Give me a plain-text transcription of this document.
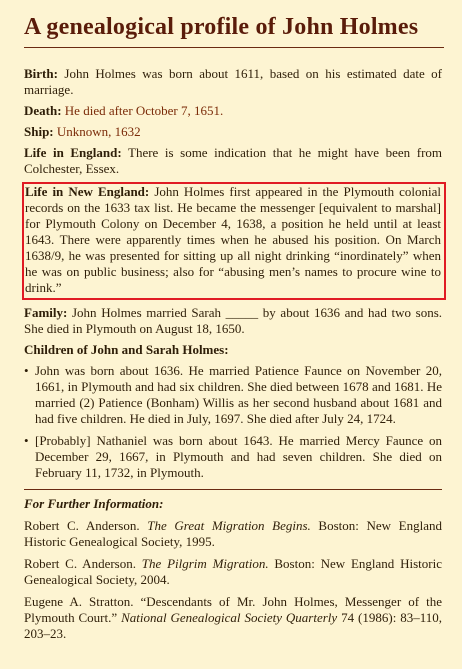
A genealogical profile of John Holmes

Birth: John Holmes was born about 1611, based on his estimated date of marriage.

Death: He died after October 7, 1651.

Ship: Unknown, 1632

Life in England: There is some indication that he might have been from Colchester, Essex.

Life in New England: John Holmes first appeared in the Plymouth colonial records on the 1633 tax list. He became the messenger [equivalent to marshal] for Plymouth Colony on December 4, 1638, a position he held until at least 1643. There were apparently times when he abused his position. On March 1638/9, he was presented for sitting up all night drinking “inordinately” when he was on public business; also for “abusing men’s names to procure wine to drink.”

Family: John Holmes married Sarah _____ by about 1636 and had two sons. She died in Plymouth on August 18, 1650.

Children of John and Sarah Holmes:
• John was born about 1636. He married Patience Faunce on November 20, 1661, in Plymouth and had six children. She died between 1678 and 1681. He married (2) Patience (Bonham) Willis as her second husband about 1681 and had five children. He died in July, 1697. She died after July 24, 1724.
• [Probably] Nathaniel was born about 1643. He married Mercy Faunce on December 29, 1667, in Plymouth and had seven children. She died on February 11, 1732, in Plymouth.
For Further Information:

Robert C. Anderson. The Great Migration Begins. Boston: New England Historic Genealogical Society, 1995.

Robert C. Anderson. The Pilgrim Migration. Boston: New England Historic Genealogical Society, 2004.

Eugene A. Stratton. “Descendants of Mr. John Holmes, Messenger of the Plymouth Court.” National Genealogical Society Quarterly 74 (1986): 83–110, 203–23.
